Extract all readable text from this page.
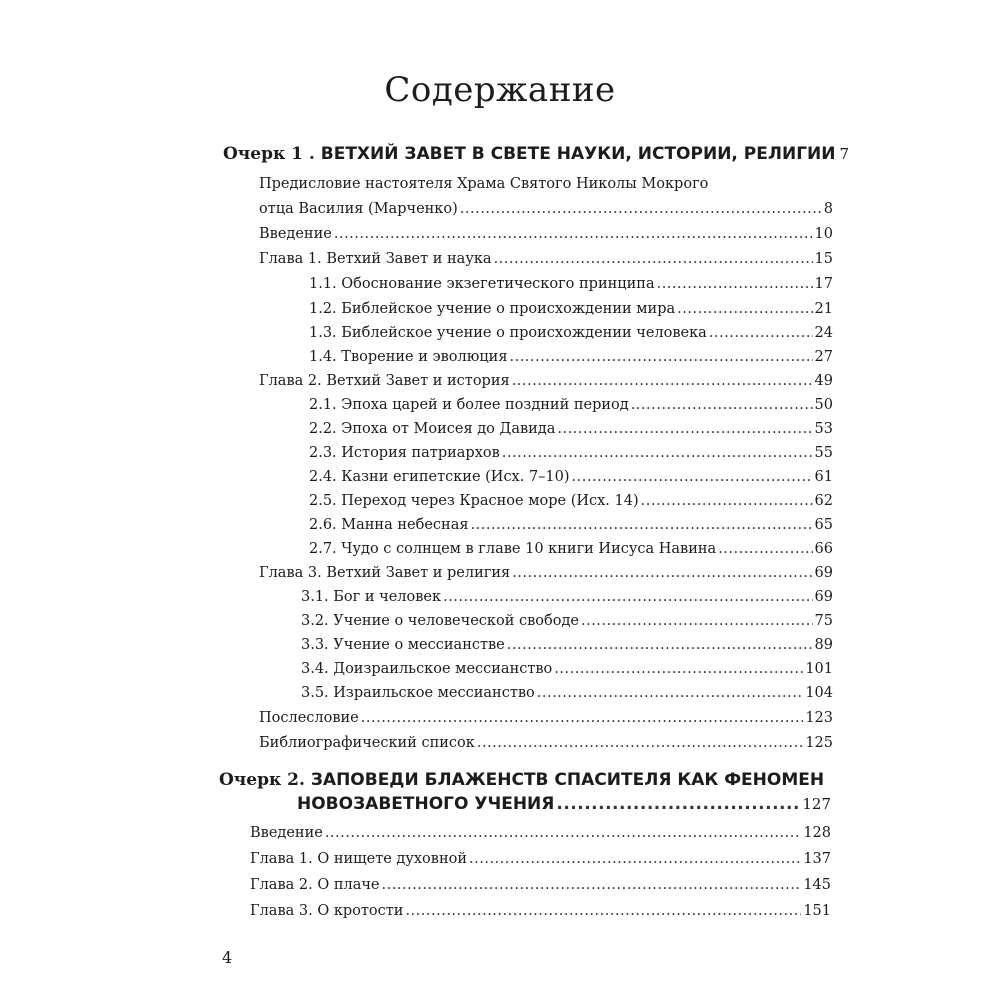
Содержание
Очерк 1 . ВЕТХИЙ ЗАВЕТ В СВЕТЕ НАУКИ, ИСТОРИИ, РЕЛИГИИ 7
Предисловие настоятеля Храма Святого Николы Мокрого
отца Василия (Марченко) .....	8
Введение .....	10
Глава 1. Ветхий Завет и наука .....	15
1.1. Обоснование экзегетического принципа .....	17
1.2. Библейское учение о происхождении мира .....	21
1.3. Библейское учение о происхождении человека .....	24
1.4. Творение и эволюция .....	27
Глава 2. Ветхий Завет и история .....	49
2.1. Эпоха царей и более поздний период .....	50
2.2. Эпоха от Моисея до Давида .....	53
2.3. История патриархов .....	55
2.4. Казни египетские (Исх. 7–10) .....	61
2.5. Переход через Красное море (Исх. 14) .....	62
2.6. Манна небесная .....	65
2.7. Чудо с солнцем в главе 10 книги Иисуса Навина .....	66
Глава 3. Ветхий Завет и религия .....	69
3.1. Бог и человек .....	69
3.2. Учение о человеческой свободе .....	75
3.3. Учение о мессианстве .....	89
3.4. Доизраильское мессианство .....	101
3.5. Израильское мессианство .....	104
Послесловие .....	123
Библиографический список .....	125
Очерк 2. ЗАПОВЕДИ БЛАЖЕНСТВ СПАСИТЕЛЯ КАК ФЕНОМЕН
НОВОЗАВЕТНОГО УЧЕНИЯ .....	127
Введение .....	128
Глава 1. О нищете духовной .....	137
Глава 2. О плаче .....	145
Глава 3. О кротости .....	151
4
